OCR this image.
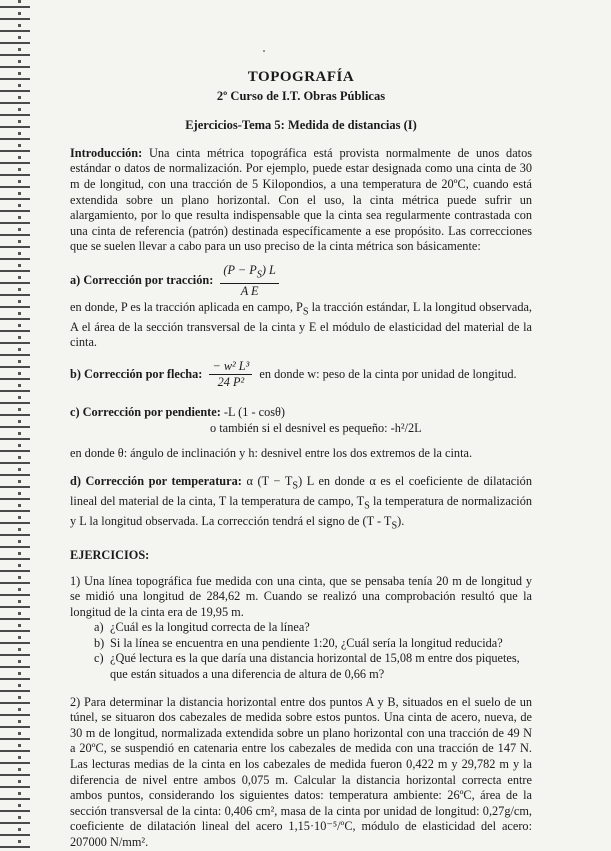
TOPOGRAFÍA
2º Curso de I.T. Obras Públicas
Ejercicios-Tema 5: Medida de distancias (I)

Introducción: Una cinta métrica topográfica está provista normalmente de unos datos estándar o datos de normalización. Por ejemplo, puede estar designada como una cinta de 30 m de longitud, con una tracción de 5 Kilopondios, a una temperatura de 20ºC, cuando está extendida sobre un plano horizontal. Con el uso, la cinta métrica puede sufrir un alargamiento, por lo que resulta indispensable que la cinta sea regularmente contrastada con una cinta de referencia (patrón) destinada específicamente a ese propósito. Las correcciones que se suelen llevar a cabo para un uso preciso de la cinta métrica son básicamente:

a) Corrección por tracción: $\frac{(P - P_S) L}{\text{A E}}$

en donde, P es la tracción aplicada en campo, $P_S$ la tracción estándar, L la longitud observada, A el área de la sección transversal de la cinta y E el módulo de elasticidad del material de la cinta.

b) Corrección por flecha: $\frac{\text{− w² L³}}{\text{24 P²}}$ en donde w: peso de la cinta por unidad de longitud.
c) Corrección por pendiente: -L (1 - cosθ)
o también si el desnivel es pequeño: -h²/2L

en donde θ: ángulo de inclinación y h: desnivel entre los dos extremos de la cinta.

d) Corrección por temperatura: α $(T - T_S)$ L en donde α es el coeficiente de dilatación lineal del material de la cinta, T la temperatura de campo, $T_S$ la temperatura de normalización y L la longitud observada. La corrección tendrá el signo de $(T - T_S)$.

EJERCICIOS:

1) Una línea topográfica fue medida con una cinta, que se pensaba tenía 20 m de longitud y se midió una longitud de 284,62 m. Cuando se realizó una comprobación resultó que la longitud de la cinta era de 19,95 m.

a) ¿Cuál es la longitud correcta de la línea?
b) Si la línea se encuentra en una pendiente 1:20, ¿Cuál sería la longitud reducida?
c) ¿Qué lectura es la que daría una distancia horizontal de 15,08 m entre dos piquetes, que están situados a una diferencia de altura de 0,66 m?

2) Para determinar la distancia horizontal entre dos puntos A y B, situados en el suelo de un túnel, se situaron dos cabezales de medida sobre estos puntos. Una cinta de acero, nueva, de 30 m de longitud, normalizada extendida sobre un plano horizontal con una tracción de 49 N a 20ºC, se suspendió en catenaria entre los cabezales de medida con una tracción de 147 N. Las lecturas medias de la cinta en los cabezales de medida fueron 0,422 m y 29,782 m y la diferencia de nivel entre ambos 0,075 m. Calcular la distancia horizontal correcta entre ambos puntos, considerando los siguientes datos: temperatura ambiente: 26ºC, área de la sección transversal de la cinta: 0,406 cm², masa de la cinta por unidad de longitud: 0,27g/cm, coeficiente de dilatación lineal del acero 1,15·10⁻⁵/ºC, módulo de elasticidad del acero: 207000 N/mm².
